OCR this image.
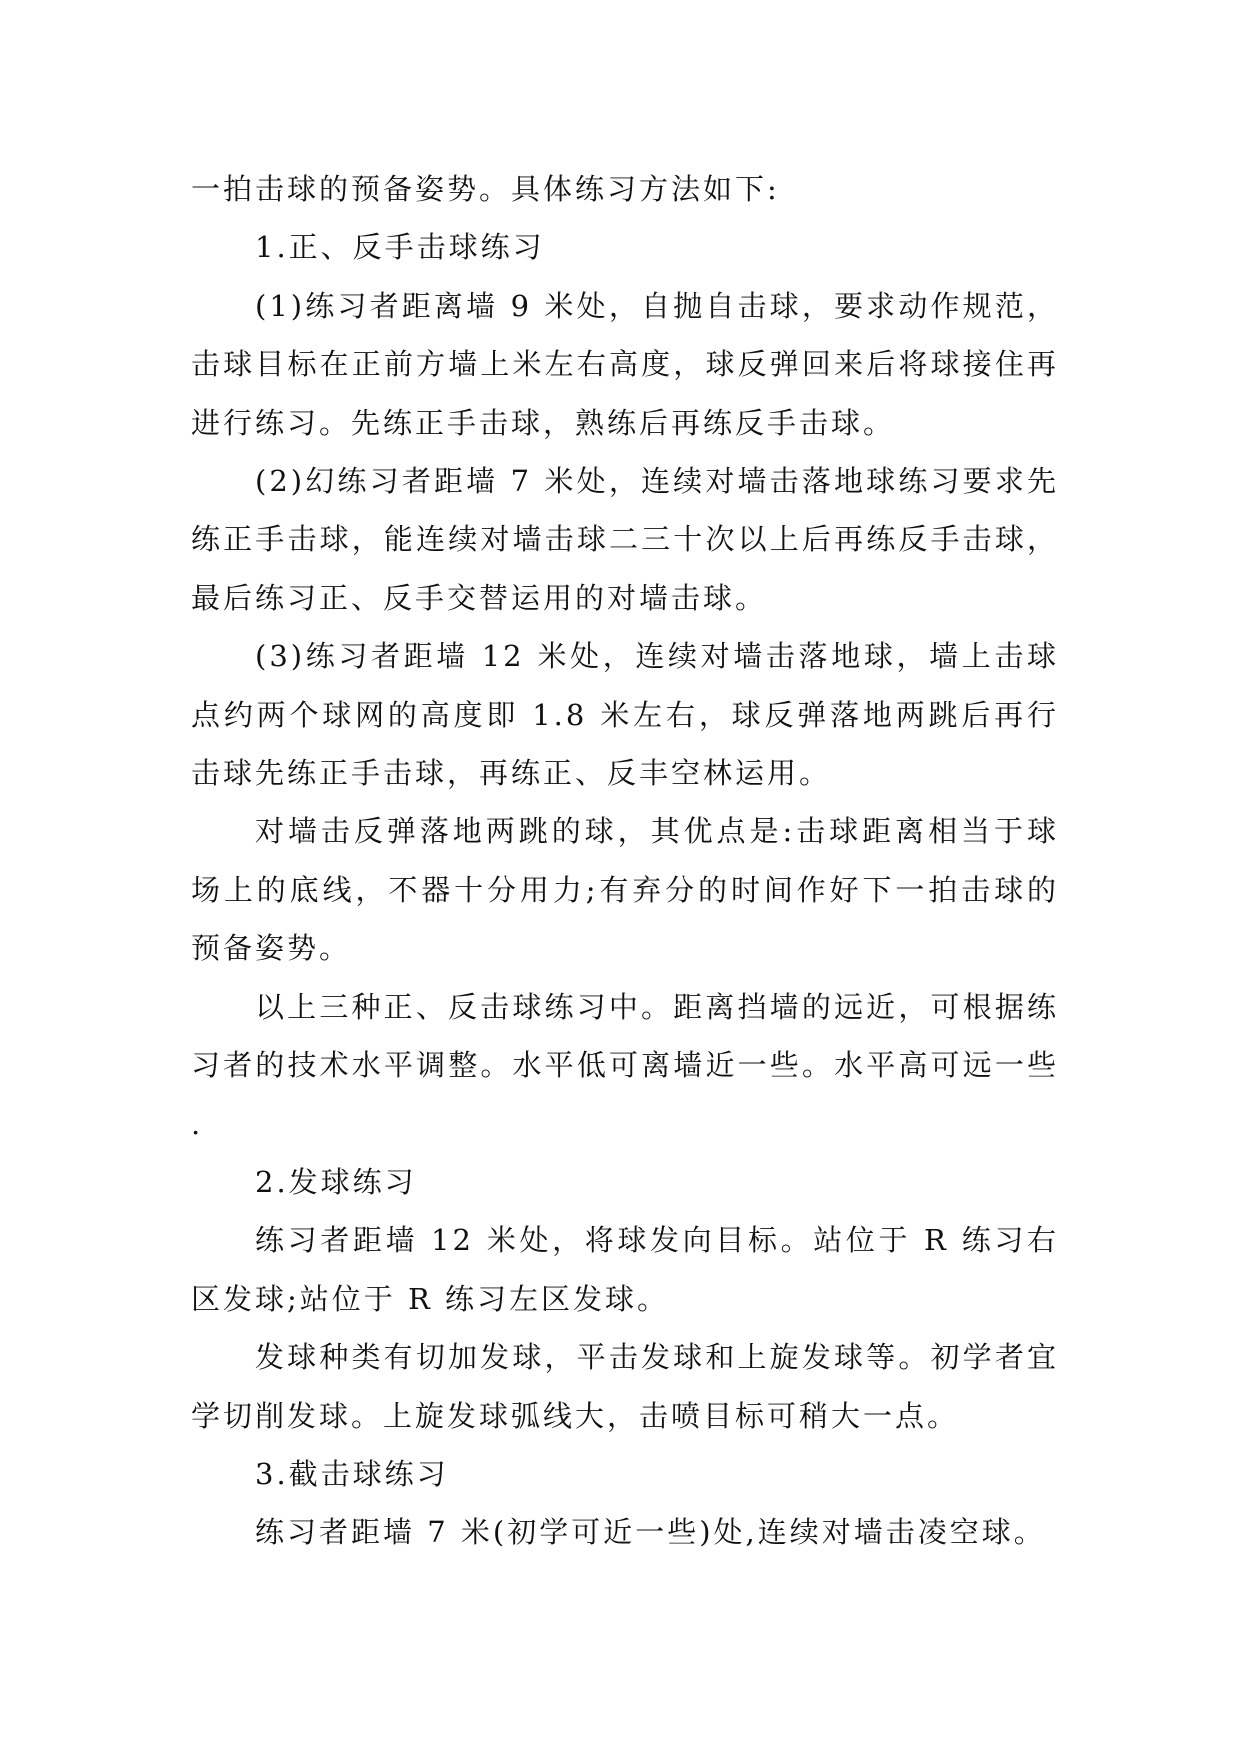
一拍击球的预备姿势。具体练习方法如下:

1.正、反手击球练习

(1)练习者距离墙 9 米处，自抛自击球，要求动作规范，击球目标在正前方墙上米左右高度，球反弹回来后将球接住再进行练习。先练正手击球，熟练后再练反手击球。

(2)幻练习者距墙 7 米处，连续对墙击落地球练习要求先练正手击球，能连续对墙击球二三十次以上后再练反手击球，最后练习正、反手交替运用的对墙击球。

(3)练习者距墙 12 米处，连续对墙击落地球，墙上击球点约两个球网的高度即 1.8 米左右，球反弹落地两跳后再行击球先练正手击球，再练正、反丰空林运用。

对墙击反弹落地两跳的球，其优点是:击球距离相当于球场上的底线，不器十分用力;有弃分的时间作好下一拍击球的预备姿势。

以上三种正、反击球练习中。距离挡墙的远近，可根据练习者的技术水平调整。水平低可离墙近一些。水平高可远一些.

2.发球练习

练习者距墙 12 米处，将球发向目标。站位于 R 练习右区发球;站位于 R 练习左区发球。

发球种类有切加发球，平击发球和上旋发球等。初学者宜学切削发球。上旋发球弧线大，击喷目标可稍大一点。

3.截击球练习

练习者距墙 7 米(初学可近一些)处,连续对墙击凌空球。
